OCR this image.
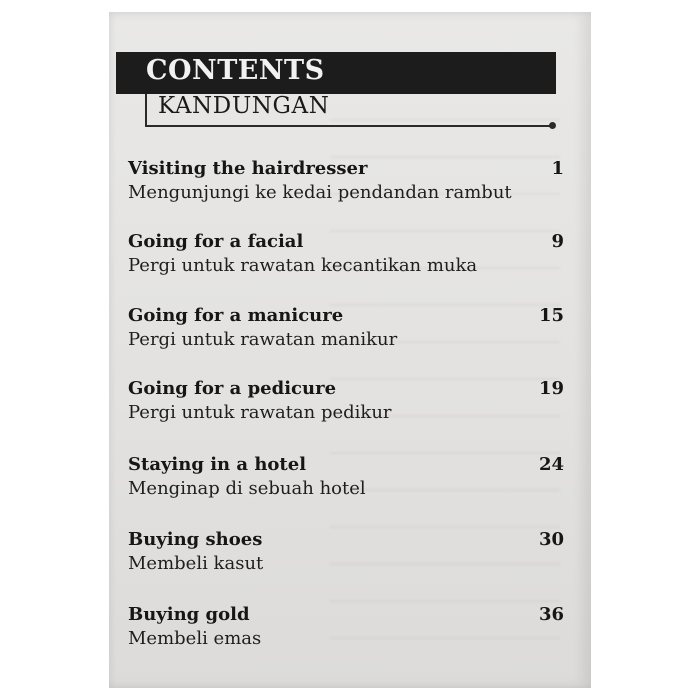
CONTENTS
KANDUNGAN
Visiting the hairdresser	1
Mengunjungi ke kedai pendandan rambut
Going for a facial	9
Pergi untuk rawatan kecantikan muka
Going for a manicure	15
Pergi untuk rawatan manikur
Going for a pedicure	19
Pergi untuk rawatan pedikur
Staying in a hotel	24
Menginap di sebuah hotel
Buying shoes	30
Membeli kasut
Buying gold	36
Membeli emas
